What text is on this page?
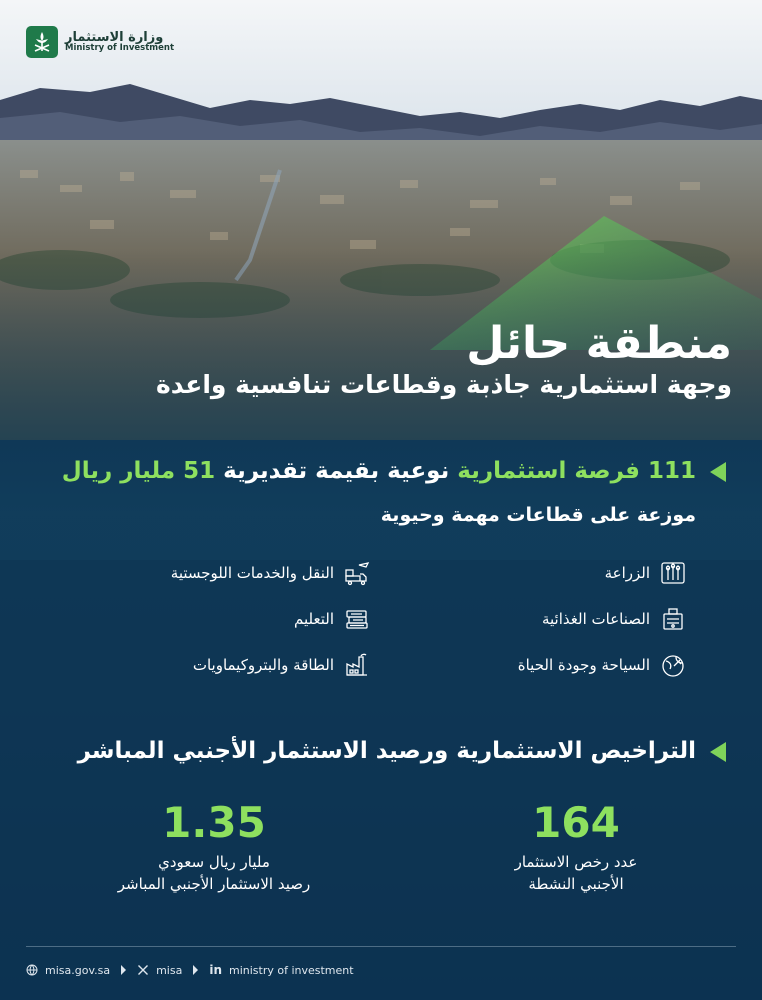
وزارة الاستثمار
Ministry of Investment
منطقة حائل
وجهة استثمارية جاذبة وقطاعات تنافسية واعدة
111 فرصة استثمارية نوعية بقيمة تقديرية 51 مليار ريال
موزعة على قطاعات مهمة وحيوية
الزراعة
الصناعات الغذائية
السياحة وجودة الحياة
النقل والخدمات اللوجستية
التعليم
الطاقة والبتروكيماويات
التراخيص الاستثمارية ورصيد الاستثمار الأجنبي المباشر
164
عدد رخص الاستثمار
الأجنبي النشطة
1.35
مليار ريال سعودي
رصيد الاستثمار الأجنبي المباشر
misa.gov.sa	misa in ministry of investment
